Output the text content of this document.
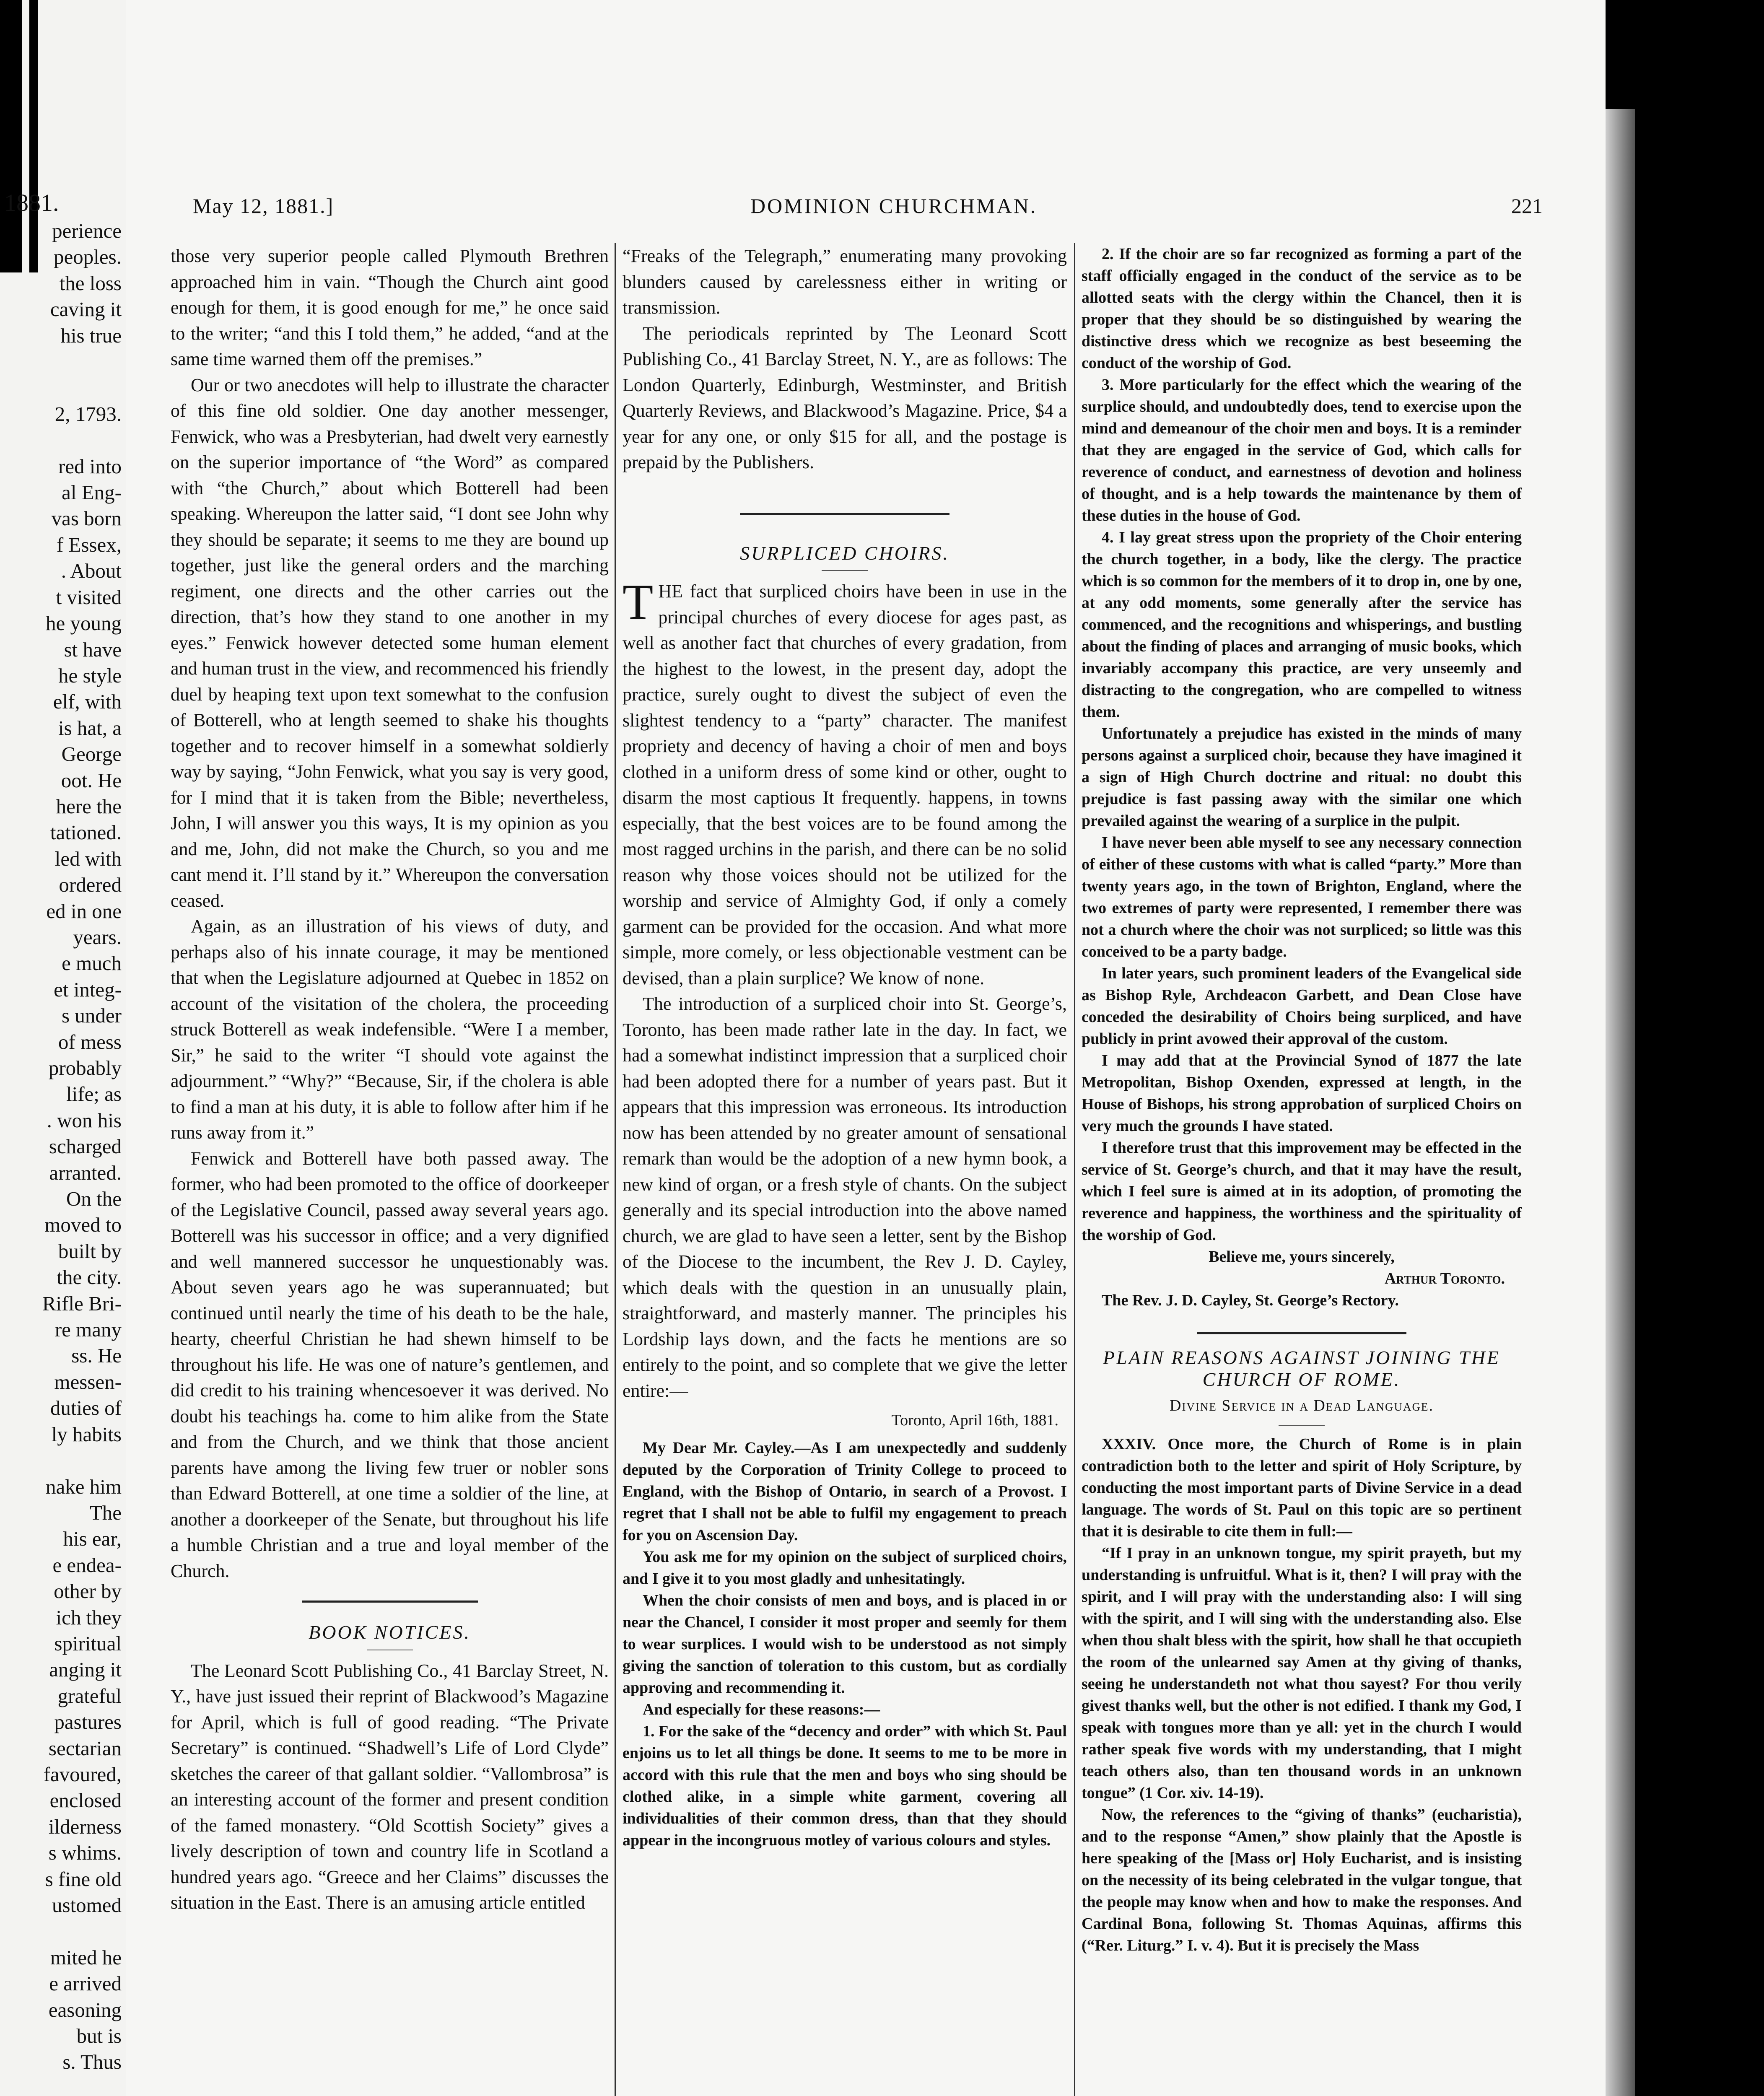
1881.
perience
peoples.
the loss
caving it
his true

2, 1793.

red into
al Eng-
vas born
f Essex,
. About
t visited
he young
st have
he style
elf, with
is hat, a
George
oot. He
here the
tationed.
led with
ordered
ed in one
years.
e much
et integ-
s under
of mess
probably
life; as
. won his
scharged
arranted.
On the
moved to
built by
the city.
Rifle Bri-
re many
ss. He
messen-
duties of
ly habits

nake him
The
his ear,
e endea-
other by
ich they
spiritual
anging it
grateful
pastures
sectarian
favoured,
enclosed
ilderness
s whims.
s fine old
ustomed

mited he
e arrived
easoning
but is
s. Thus
May 12, 1881.]	DOMINION CHURCHMAN.	221

those very superior people called Plymouth Brethren approached him in vain. “Though the Church aint good enough for them, it is good enough for me,” he once said to the writer; “and this I told them,” he added, “and at the same time warned them off the premises.”

Our or two anecdotes will help to illustrate the character of this fine old soldier. One day another messenger, Fenwick, who was a Presbyterian, had dwelt very earnestly on the superior importance of “the Word” as compared with “the Church,” about which Botterell had been speaking. Whereupon the latter said, “I dont see John why they should be separate; it seems to me they are bound up together, just like the general orders and the marching regiment, one directs and the other carries out the direction, that’s how they stand to one another in my eyes.” Fenwick however detected some human element and human trust in the view, and recommenced his friendly duel by heaping text upon text somewhat to the confusion of Botterell, who at length seemed to shake his thoughts together and to recover himself in a somewhat soldierly way by saying, “John Fenwick, what you say is very good, for I mind that it is taken from the Bible; nevertheless, John, I will answer you this ways, It is my opinion as you and me, John, did not make the Church, so you and me cant mend it. I’ll stand by it.” Whereupon the conversation ceased.

Again, as an illustration of his views of duty, and perhaps also of his innate courage, it may be mentioned that when the Legislature adjourned at Quebec in 1852 on account of the visitation of the cholera, the proceeding struck Botterell as weak indefensible. “Were I a member, Sir,” he said to the writer “I should vote against the adjournment.” “Why?” “Because, Sir, if the cholera is able to find a man at his duty, it is able to follow after him if he runs away from it.”

Fenwick and Botterell have both passed away. The former, who had been promoted to the office of doorkeeper of the Legislative Council, passed away several years ago. Botterell was his successor in office; and a very dignified and well mannered successor he unquestionably was. About seven years ago he was superannuated; but continued until nearly the time of his death to be the hale, hearty, cheerful Christian he had shewn himself to be throughout his life. He was one of nature’s gentlemen, and did credit to his training whencesoever it was derived. No doubt his teachings ha. come to him alike from the State and from the Church, and we think that those ancient parents have among the living few truer or nobler sons than Edward Botterell, at one time a soldier of the line, at another a doorkeeper of the Senate, but throughout his life a humble Christian and a true and loyal member of the Church.

BOOK NOTICES.

The Leonard Scott Publishing Co., 41 Barclay Street, N. Y., have just issued their reprint of Blackwood’s Magazine for April, which is full of good reading. “The Private Secretary” is continued. “Shadwell’s Life of Lord Clyde” sketches the career of that gallant soldier. “Vallombrosa” is an interesting account of the former and present condition of the famed monastery. “Old Scottish Society” gives a lively description of town and country life in Scotland a hundred years ago. “Greece and her Claims” discusses the situation in the East. There is an amusing article entitled

“Freaks of the Telegraph,” enumerating many provoking blunders caused by carelessness either in writing or transmission.

The periodicals reprinted by The Leonard Scott Publishing Co., 41 Barclay Street, N. Y., are as follows: The London Quarterly, Edinburgh, Westminster, and British Quarterly Reviews, and Blackwood’s Magazine. Price, $4 a year for any one, or only $15 for all, and the postage is prepaid by the Publishers.

SURPLICED CHOIRS.

THE fact that surpliced choirs have been in use in the principal churches of every diocese for ages past, as well as another fact that churches of every gradation, from the highest to the lowest, in the present day, adopt the practice, surely ought to divest the subject of even the slightest tendency to a “party” character. The manifest propriety and decency of having a choir of men and boys clothed in a uniform dress of some kind or other, ought to disarm the most captious It frequently. happens, in towns especially, that the best voices are to be found among the most ragged urchins in the parish, and there can be no solid reason why those voices should not be utilized for the worship and service of Almighty God, if only a comely garment can be provided for the occasion. And what more simple, more comely, or less objectionable vestment can be devised, than a plain surplice? We know of none.

The introduction of a surpliced choir into St. George’s, Toronto, has been made rather late in the day. In fact, we had a somewhat indistinct impression that a surpliced choir had been adopted there for a number of years past. But it appears that this impression was erroneous. Its introduction now has been attended by no greater amount of sensational remark than would be the adoption of a new hymn book, a new kind of organ, or a fresh style of chants. On the subject generally and its special introduction into the above named church, we are glad to have seen a letter, sent by the Bishop of the Diocese to the incumbent, the Rev J. D. Cayley, which deals with the question in an unusually plain, straightforward, and masterly manner. The principles his Lordship lays down, and the facts he mentions are so entirely to the point, and so complete that we give the letter entire:—

Toronto, April 16th, 1881.

My Dear Mr. Cayley.—As I am unexpectedly and suddenly deputed by the Corporation of Trinity College to proceed to England, with the Bishop of Ontario, in search of a Provost. I regret that I shall not be able to fulfil my engagement to preach for you on Ascension Day.

You ask me for my opinion on the subject of surpliced choirs, and I give it to you most gladly and unhesitatingly.

When the choir consists of men and boys, and is placed in or near the Chancel, I consider it most proper and seemly for them to wear surplices. I would wish to be understood as not simply giving the sanction of toleration to this custom, but as cordially approving and recommending it.

And especially for these reasons:—

1. For the sake of the “decency and order” with which St. Paul enjoins us to let all things be done. It seems to me to be more in accord with this rule that the men and boys who sing should be clothed alike, in a simple white garment, covering all individualities of their common dress, than that they should appear in the incongruous motley of various colours and styles.

2. If the choir are so far recognized as forming a part of the staff officially engaged in the conduct of the service as to be allotted seats with the clergy within the Chancel, then it is proper that they should be so distinguished by wearing the distinctive dress which we recognize as best beseeming the conduct of the worship of God.

3. More particularly for the effect which the wearing of the surplice should, and undoubtedly does, tend to exercise upon the mind and demeanour of the choir men and boys. It is a reminder that they are engaged in the service of God, which calls for reverence of conduct, and earnestness of devotion and holiness of thought, and is a help towards the maintenance by them of these duties in the house of God.

4. I lay great stress upon the propriety of the Choir entering the church together, in a body, like the clergy. The practice which is so common for the members of it to drop in, one by one, at any odd moments, some generally after the service has commenced, and the recognitions and whisperings, and bustling about the finding of places and arranging of music books, which invariably accompany this practice, are very unseemly and distracting to the congregation, who are compelled to witness them.

Unfortunately a prejudice has existed in the minds of many persons against a surpliced choir, because they have imagined it a sign of High Church doctrine and ritual: no doubt this prejudice is fast passing away with the similar one which prevailed against the wearing of a surplice in the pulpit.

I have never been able myself to see any necessary connection of either of these customs with what is called “party.” More than twenty years ago, in the town of Brighton, England, where the two extremes of party were represented, I remember there was not a church where the choir was not surpliced; so little was this conceived to be a party badge.

In later years, such prominent leaders of the Evangelical side as Bishop Ryle, Archdeacon Garbett, and Dean Close have conceded the desirability of Choirs being surpliced, and have publicly in print avowed their approval of the custom.

I may add that at the Provincial Synod of 1877 the late Metropolitan, Bishop Oxenden, expressed at length, in the House of Bishops, his strong approbation of surpliced Choirs on very much the grounds I have stated.

I therefore trust that this improvement may be effected in the service of St. George’s church, and that it may have the result, which I feel sure is aimed at in its adoption, of promoting the reverence and happiness, the worthiness and the spirituality of the worship of God.

Believe me, yours sincerely,

Arthur Toronto.

The Rev. J. D. Cayley, St. George’s Rectory.

PLAIN REASONS AGAINST JOINING THE CHURCH OF ROME.
Divine Service in a Dead Language.

XXXIV. Once more, the Church of Rome is in plain contradiction both to the letter and spirit of Holy Scripture, by conducting the most important parts of Divine Service in a dead language. The words of St. Paul on this topic are so pertinent that it is desirable to cite them in full:—

“If I pray in an unknown tongue, my spirit prayeth, but my understanding is unfruitful. What is it, then? I will pray with the spirit, and I will pray with the understanding also: I will sing with the spirit, and I will sing with the understanding also. Else when thou shalt bless with the spirit, how shall he that occupieth the room of the unlearned say Amen at thy giving of thanks, seeing he understandeth not what thou sayest? For thou verily givest thanks well, but the other is not edified. I thank my God, I speak with tongues more than ye all: yet in the church I would rather speak five words with my understanding, that I might teach others also, than ten thousand words in an unknown tongue” (1 Cor. xiv. 14-19).

Now, the references to the “giving of thanks” (eucharistia), and to the response “Amen,” show plainly that the Apostle is here speaking of the [Mass or] Holy Eucharist, and is insisting on the necessity of its being celebrated in the vulgar tongue, that the people may know when and how to make the responses. And Cardinal Bona, following St. Thomas Aquinas, affirms this (“Rer. Liturg.” I. v. 4). But it is precisely the Mass
